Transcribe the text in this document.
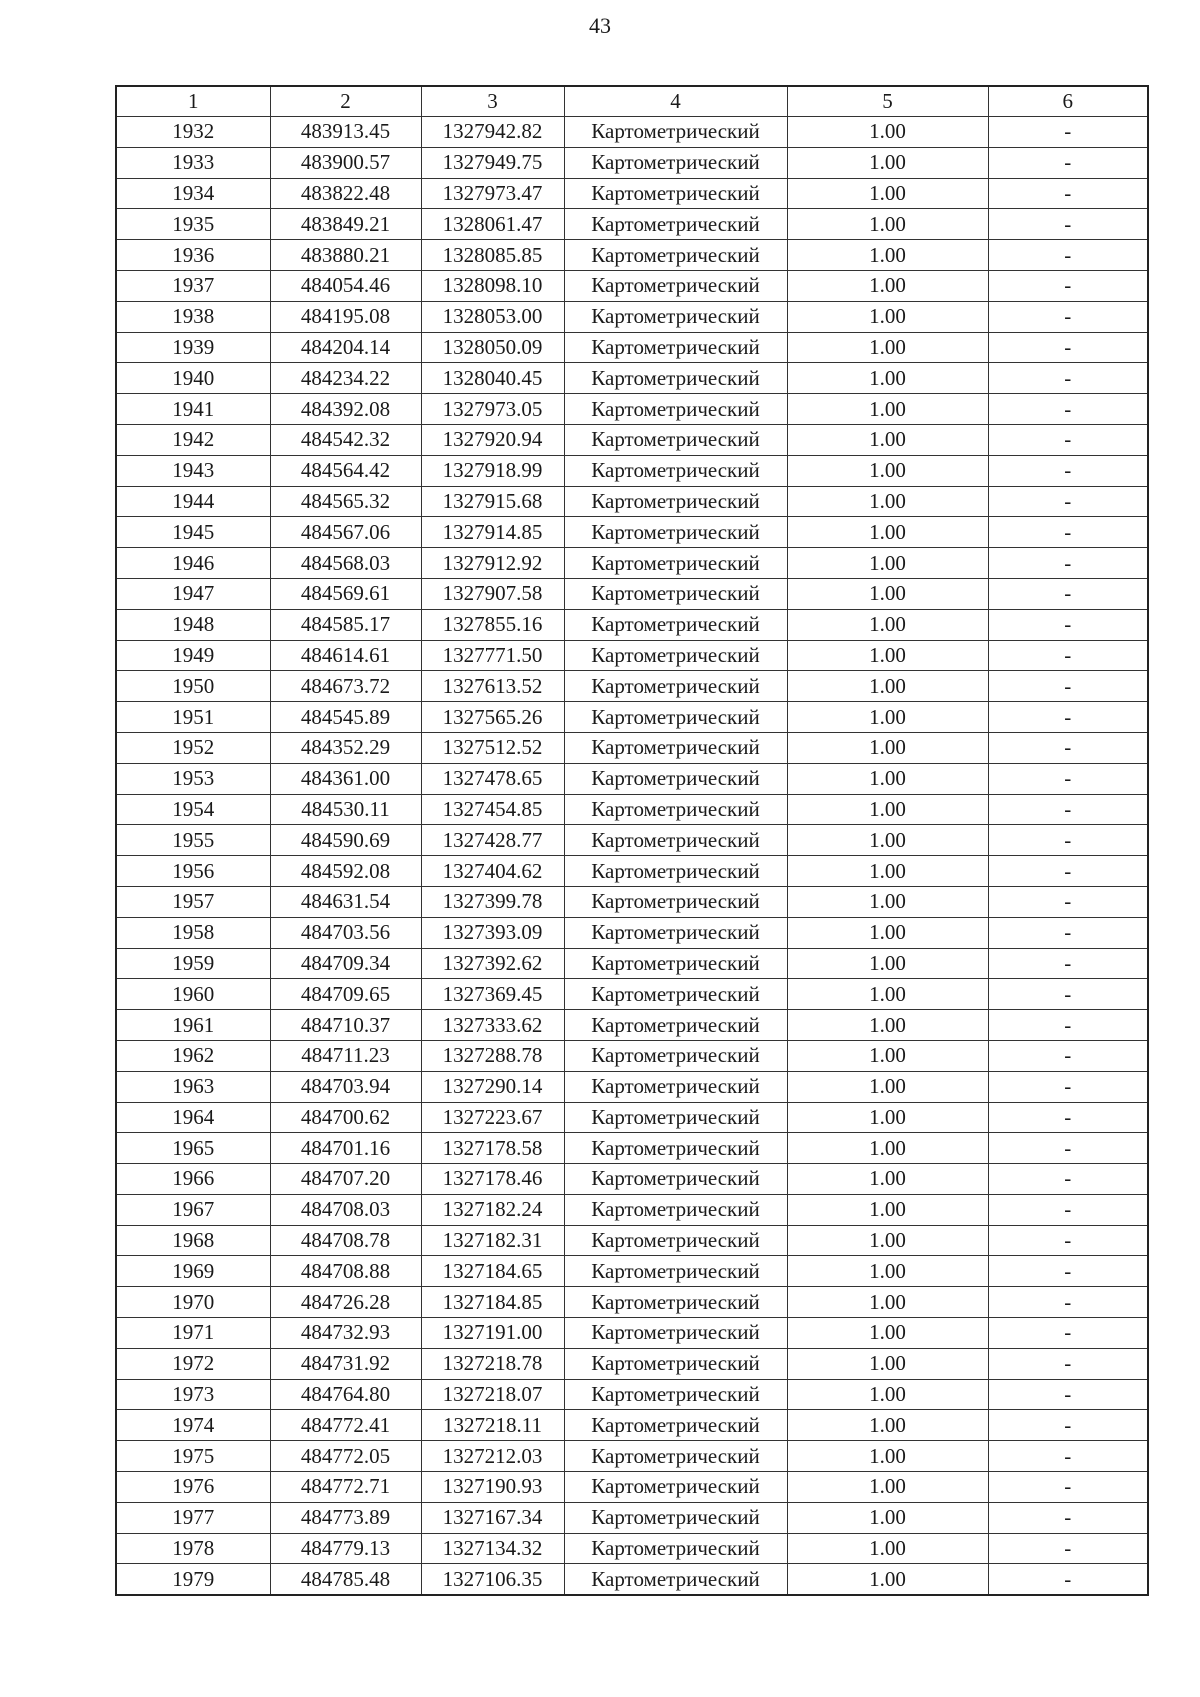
43
1	2	3	4	5	6
1932	483913.45	1327942.82	Картометрический	1.00	-
1933	483900.57	1327949.75	Картометрический	1.00	-
1934	483822.48	1327973.47	Картометрический	1.00	-
1935	483849.21	1328061.47	Картометрический	1.00	-
1936	483880.21	1328085.85	Картометрический	1.00	-
1937	484054.46	1328098.10	Картометрический	1.00	-
1938	484195.08	1328053.00	Картометрический	1.00	-
1939	484204.14	1328050.09	Картометрический	1.00	-
1940	484234.22	1328040.45	Картометрический	1.00	-
1941	484392.08	1327973.05	Картометрический	1.00	-
1942	484542.32	1327920.94	Картометрический	1.00	-
1943	484564.42	1327918.99	Картометрический	1.00	-
1944	484565.32	1327915.68	Картометрический	1.00	-
1945	484567.06	1327914.85	Картометрический	1.00	-
1946	484568.03	1327912.92	Картометрический	1.00	-
1947	484569.61	1327907.58	Картометрический	1.00	-
1948	484585.17	1327855.16	Картометрический	1.00	-
1949	484614.61	1327771.50	Картометрический	1.00	-
1950	484673.72	1327613.52	Картометрический	1.00	-
1951	484545.89	1327565.26	Картометрический	1.00	-
1952	484352.29	1327512.52	Картометрический	1.00	-
1953	484361.00	1327478.65	Картометрический	1.00	-
1954	484530.11	1327454.85	Картометрический	1.00	-
1955	484590.69	1327428.77	Картометрический	1.00	-
1956	484592.08	1327404.62	Картометрический	1.00	-
1957	484631.54	1327399.78	Картометрический	1.00	-
1958	484703.56	1327393.09	Картометрический	1.00	-
1959	484709.34	1327392.62	Картометрический	1.00	-
1960	484709.65	1327369.45	Картометрический	1.00	-
1961	484710.37	1327333.62	Картометрический	1.00	-
1962	484711.23	1327288.78	Картометрический	1.00	-
1963	484703.94	1327290.14	Картометрический	1.00	-
1964	484700.62	1327223.67	Картометрический	1.00	-
1965	484701.16	1327178.58	Картометрический	1.00	-
1966	484707.20	1327178.46	Картометрический	1.00	-
1967	484708.03	1327182.24	Картометрический	1.00	-
1968	484708.78	1327182.31	Картометрический	1.00	-
1969	484708.88	1327184.65	Картометрический	1.00	-
1970	484726.28	1327184.85	Картометрический	1.00	-
1971	484732.93	1327191.00	Картометрический	1.00	-
1972	484731.92	1327218.78	Картометрический	1.00	-
1973	484764.80	1327218.07	Картометрический	1.00	-
1974	484772.41	1327218.11	Картометрический	1.00	-
1975	484772.05	1327212.03	Картометрический	1.00	-
1976	484772.71	1327190.93	Картометрический	1.00	-
1977	484773.89	1327167.34	Картометрический	1.00	-
1978	484779.13	1327134.32	Картометрический	1.00	-
1979	484785.48	1327106.35	Картометрический	1.00	-
